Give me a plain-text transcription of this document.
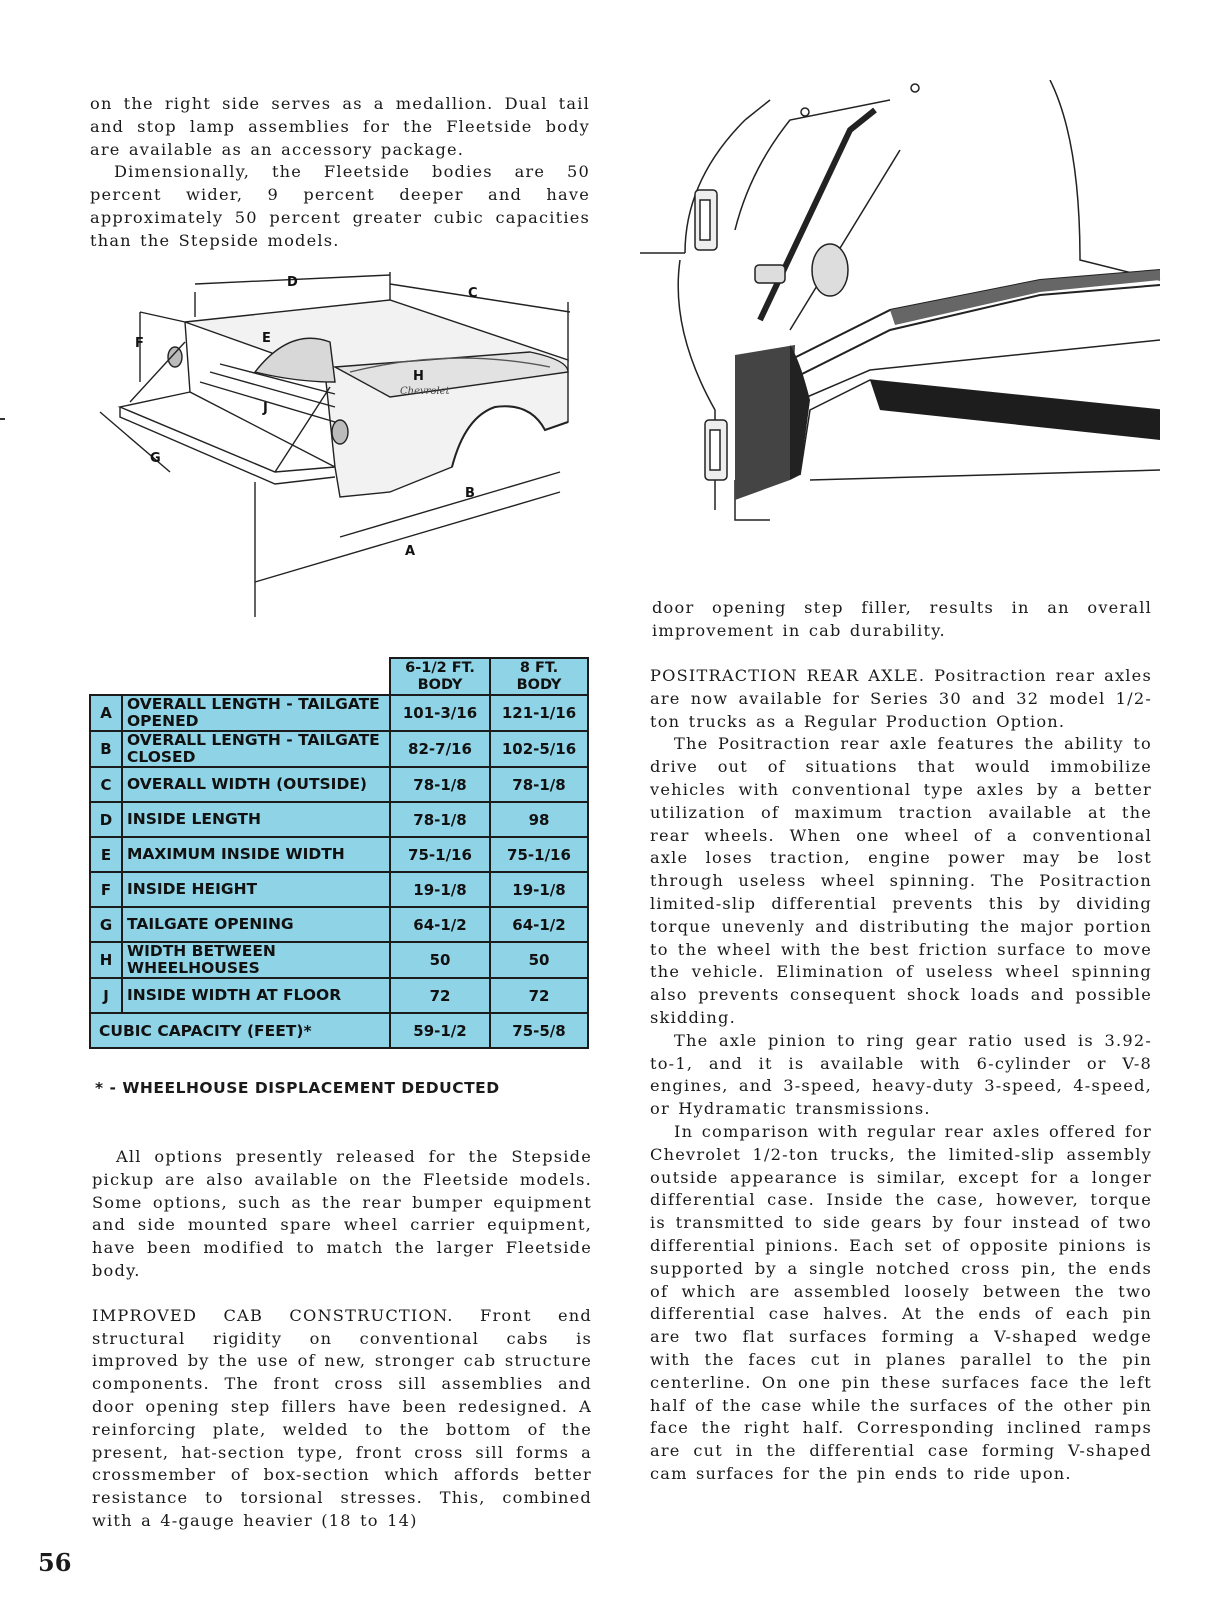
on the right side serves as a medallion. Dual tail and stop lamp assemblies for the Fleetside body are available as an accessory package.

Dimensionally, the Fleetside bodies are 50 percent wider, 9 percent deeper and have approximately 50 percent greater cubic capacities than the Stepside models.

Chevrolet
D
C
F	E
H
J
G
B
A

door opening step filler, results in an overall improvement in cab durability.

		6-1/2 FT. BODY	8 FT. BODY
A	OVERALL LENGTH - TAILGATE OPENED	101-3/16	121-1/16
B	OVERALL LENGTH - TAILGATE CLOSED	82-7/16	102-5/16
C	OVERALL WIDTH (OUTSIDE)	78-1/8	78-1/8
D	INSIDE LENGTH	78-1/8	98
E	MAXIMUM INSIDE WIDTH	75-1/16	75-1/16
F	INSIDE HEIGHT	19-1/8	19-1/8
G	TAILGATE OPENING	64-1/2	64-1/2
H	WIDTH BETWEEN WHEELHOUSES	50	50
J	INSIDE WIDTH AT FLOOR	72	72
CUBIC CAPACITY (FEET)*		59-1/2	75-5/8
* - WHEELHOUSE DISPLACEMENT DEDUCTED

All options presently released for the Stepside pickup are also available on the Fleetside models. Some options, such as the rear bumper equipment and side mounted spare wheel carrier equipment, have been modified to match the larger Fleetside body.

IMPROVED CAB CONSTRUCTION. Front end structural rigidity on conventional cabs is improved by the use of new, stronger cab structure components. The front cross sill assemblies and door opening step fillers have been redesigned. A reinforcing plate, welded to the bottom of the present, hat-section type, front cross sill forms a crossmember of box-section which affords better resistance to torsional stresses. This, combined with a 4-gauge heavier (18 to 14)

POSITRACTION REAR AXLE. Positraction rear axles are now available for Series 30 and 32 model 1/2-ton trucks as a Regular Production Option.

The Positraction rear axle features the ability to drive out of situations that would immobilize vehicles with conventional type axles by a better utilization of maximum traction available at the rear wheels. When one wheel of a conventional axle loses traction, engine power may be lost through useless wheel spinning. The Positraction limited-slip differential prevents this by dividing torque unevenly and distributing the major portion to the wheel with the best friction surface to move the vehicle. Elimination of useless wheel spinning also prevents consequent shock loads and possible skidding.

The axle pinion to ring gear ratio used is 3.92-to-1, and it is available with 6-cylinder or V-8 engines, and 3-speed, heavy-duty 3-speed, 4-speed, or Hydramatic transmissions.

In comparison with regular rear axles offered for Chevrolet 1/2-ton trucks, the limited-slip assembly outside appearance is similar, except for a longer differential case. Inside the case, however, torque is transmitted to side gears by four instead of two differential pinions. Each set of opposite pinions is supported by a single notched cross pin, the ends of which are assembled loosely between the two differential case halves. At the ends of each pin are two flat surfaces forming a V-shaped wedge with the faces cut in planes parallel to the pin centerline. On one pin these surfaces face the left half of the case while the surfaces of the other pin face the right half. Corresponding inclined ramps are cut in the differential case forming V-shaped cam surfaces for the pin ends to ride upon.

56
